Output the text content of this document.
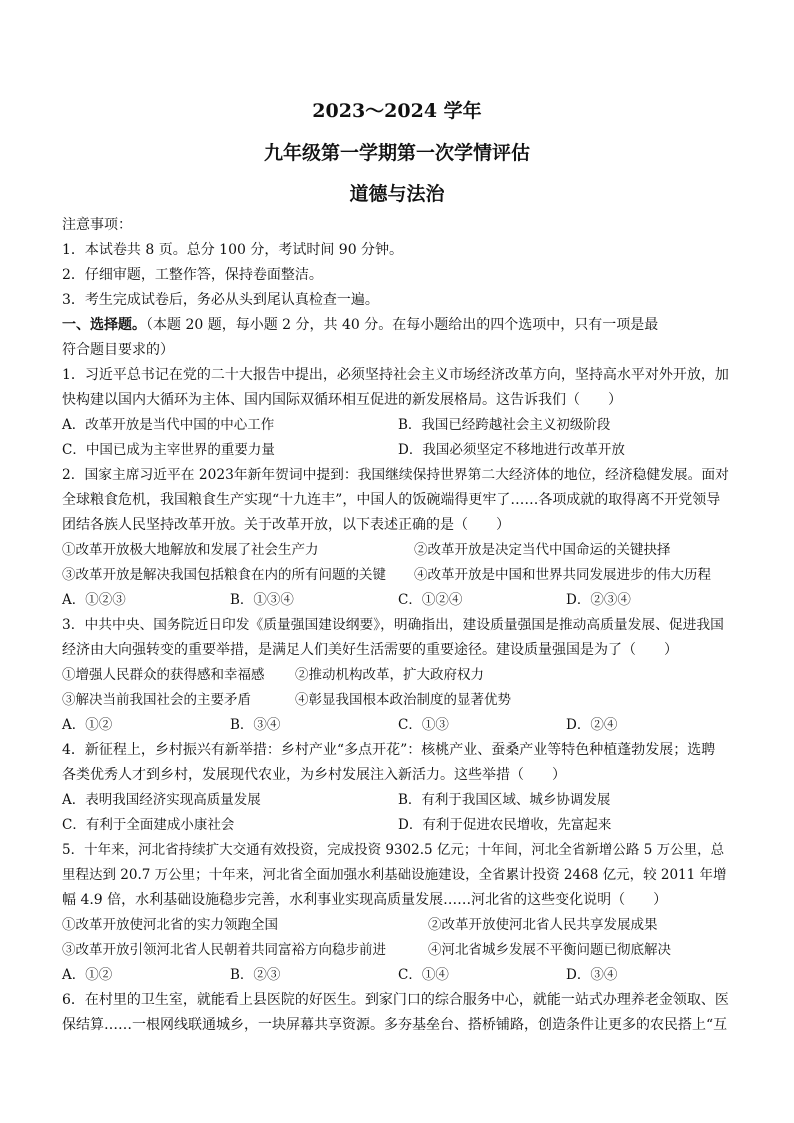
2023～2024 学年
九年级第一学期第一次学情评估
道德与法治
注意事项：
1．本试卷共 8 页。总分 100 分，考试时间 90 分钟。
2．仔细审题，工整作答，保持卷面整洁。
3．考生完成试卷后，务必从头到尾认真检查一遍。
一、选择题。（本题 20 题，每小题 2 分，共 40 分。在每小题给出的四个选项中，只有一项是最
符合题目要求的）
1．习近平总书记在党的二十大报告中提出，必须坚持社会主义市场经济改革方向，坚持高水平对外开放，加
快构建以国内大循环为主体、国内国际双循环相互促进的新发展格局。这告诉我们（　　）
A．改革开放是当代中国的中心工作	B．我国已经跨越社会主义初级阶段
C．中国已成为主宰世界的重要力量	D．我国必须坚定不移地进行改革开放
2．国家主席习近平在 2023年新年贺词中提到：我国继续保持世界第二大经济体的地位，经济稳健发展。面对
全球粮食危机，我国粮食生产实现“十九连丰”，中国人的饭碗端得更牢了……各项成就的取得离不开党领导
团结各族人民坚持改革开放。关于改革开放，以下表述正确的是（　　）
①改革开放极大地解放和发展了社会生产力	②改革开放是决定当代中国命运的关键抉择
③改革开放是解决我国包括粮食在内的所有问题的关键 ④改革开放是中国和世界共同发展进步的伟大历程
A．①②③	B．①③④	C．①②④	D．②③④
3．中共中央、国务院近日印发《质量强国建设纲要》，明确指出，建设质量强国是推动高质量发展、促进我国
经济由大向强转变的重要举措，是满足人们美好生活需要的重要途径。建设质量强国是为了（　　）
①增强人民群众的获得感和幸福感 ②推动机构改革，扩大政府权力
③解决当前我国社会的主要矛盾	④彰显我国根本政治制度的显著优势
A．①②	B．③④	C．①③	D．②④
4．新征程上，乡村振兴有新举措：乡村产业“多点开花”：核桃产业、蚕桑产业等特色种植蓬勃发展；选聘
各类优秀人才到乡村，发展现代农业，为乡村发展注入新活力。这些举措（　　）
A．表明我国经济实现高质量发展	B．有利于我国区域、城乡协调发展
C．有利于全面建成小康社会	D．有利于促进农民增收，先富起来
5．十年来，河北省持续扩大交通有效投资，完成投资 9302.5 亿元；十年间，河北全省新增公路 5 万公里，总
里程达到 20.7 万公里；十年来，河北省全面加强水利基础设施建设，全省累计投资 2468 亿元，较 2011 年增
幅 4.9 倍，水利基础设施稳步完善，水利事业实现高质量发展……河北省的这些变化说明（　　）
①改革开放使河北省的实力领跑全国	②改革开放使河北省人民共享发展成果
③改革开放引领河北省人民朝着共同富裕方向稳步前进	④河北省城乡发展不平衡问题已彻底解决
A．①②	B．②③	C．①④	D．③④
6．在村里的卫生室，就能看上县医院的好医生。到家门口的综合服务中心，就能一站式办理养老金领取、医
保结算……一根网线联通城乡，一块屏幕共享资源。多夯基垒台、搭桥铺路，创造条件让更多的农民搭上“互
